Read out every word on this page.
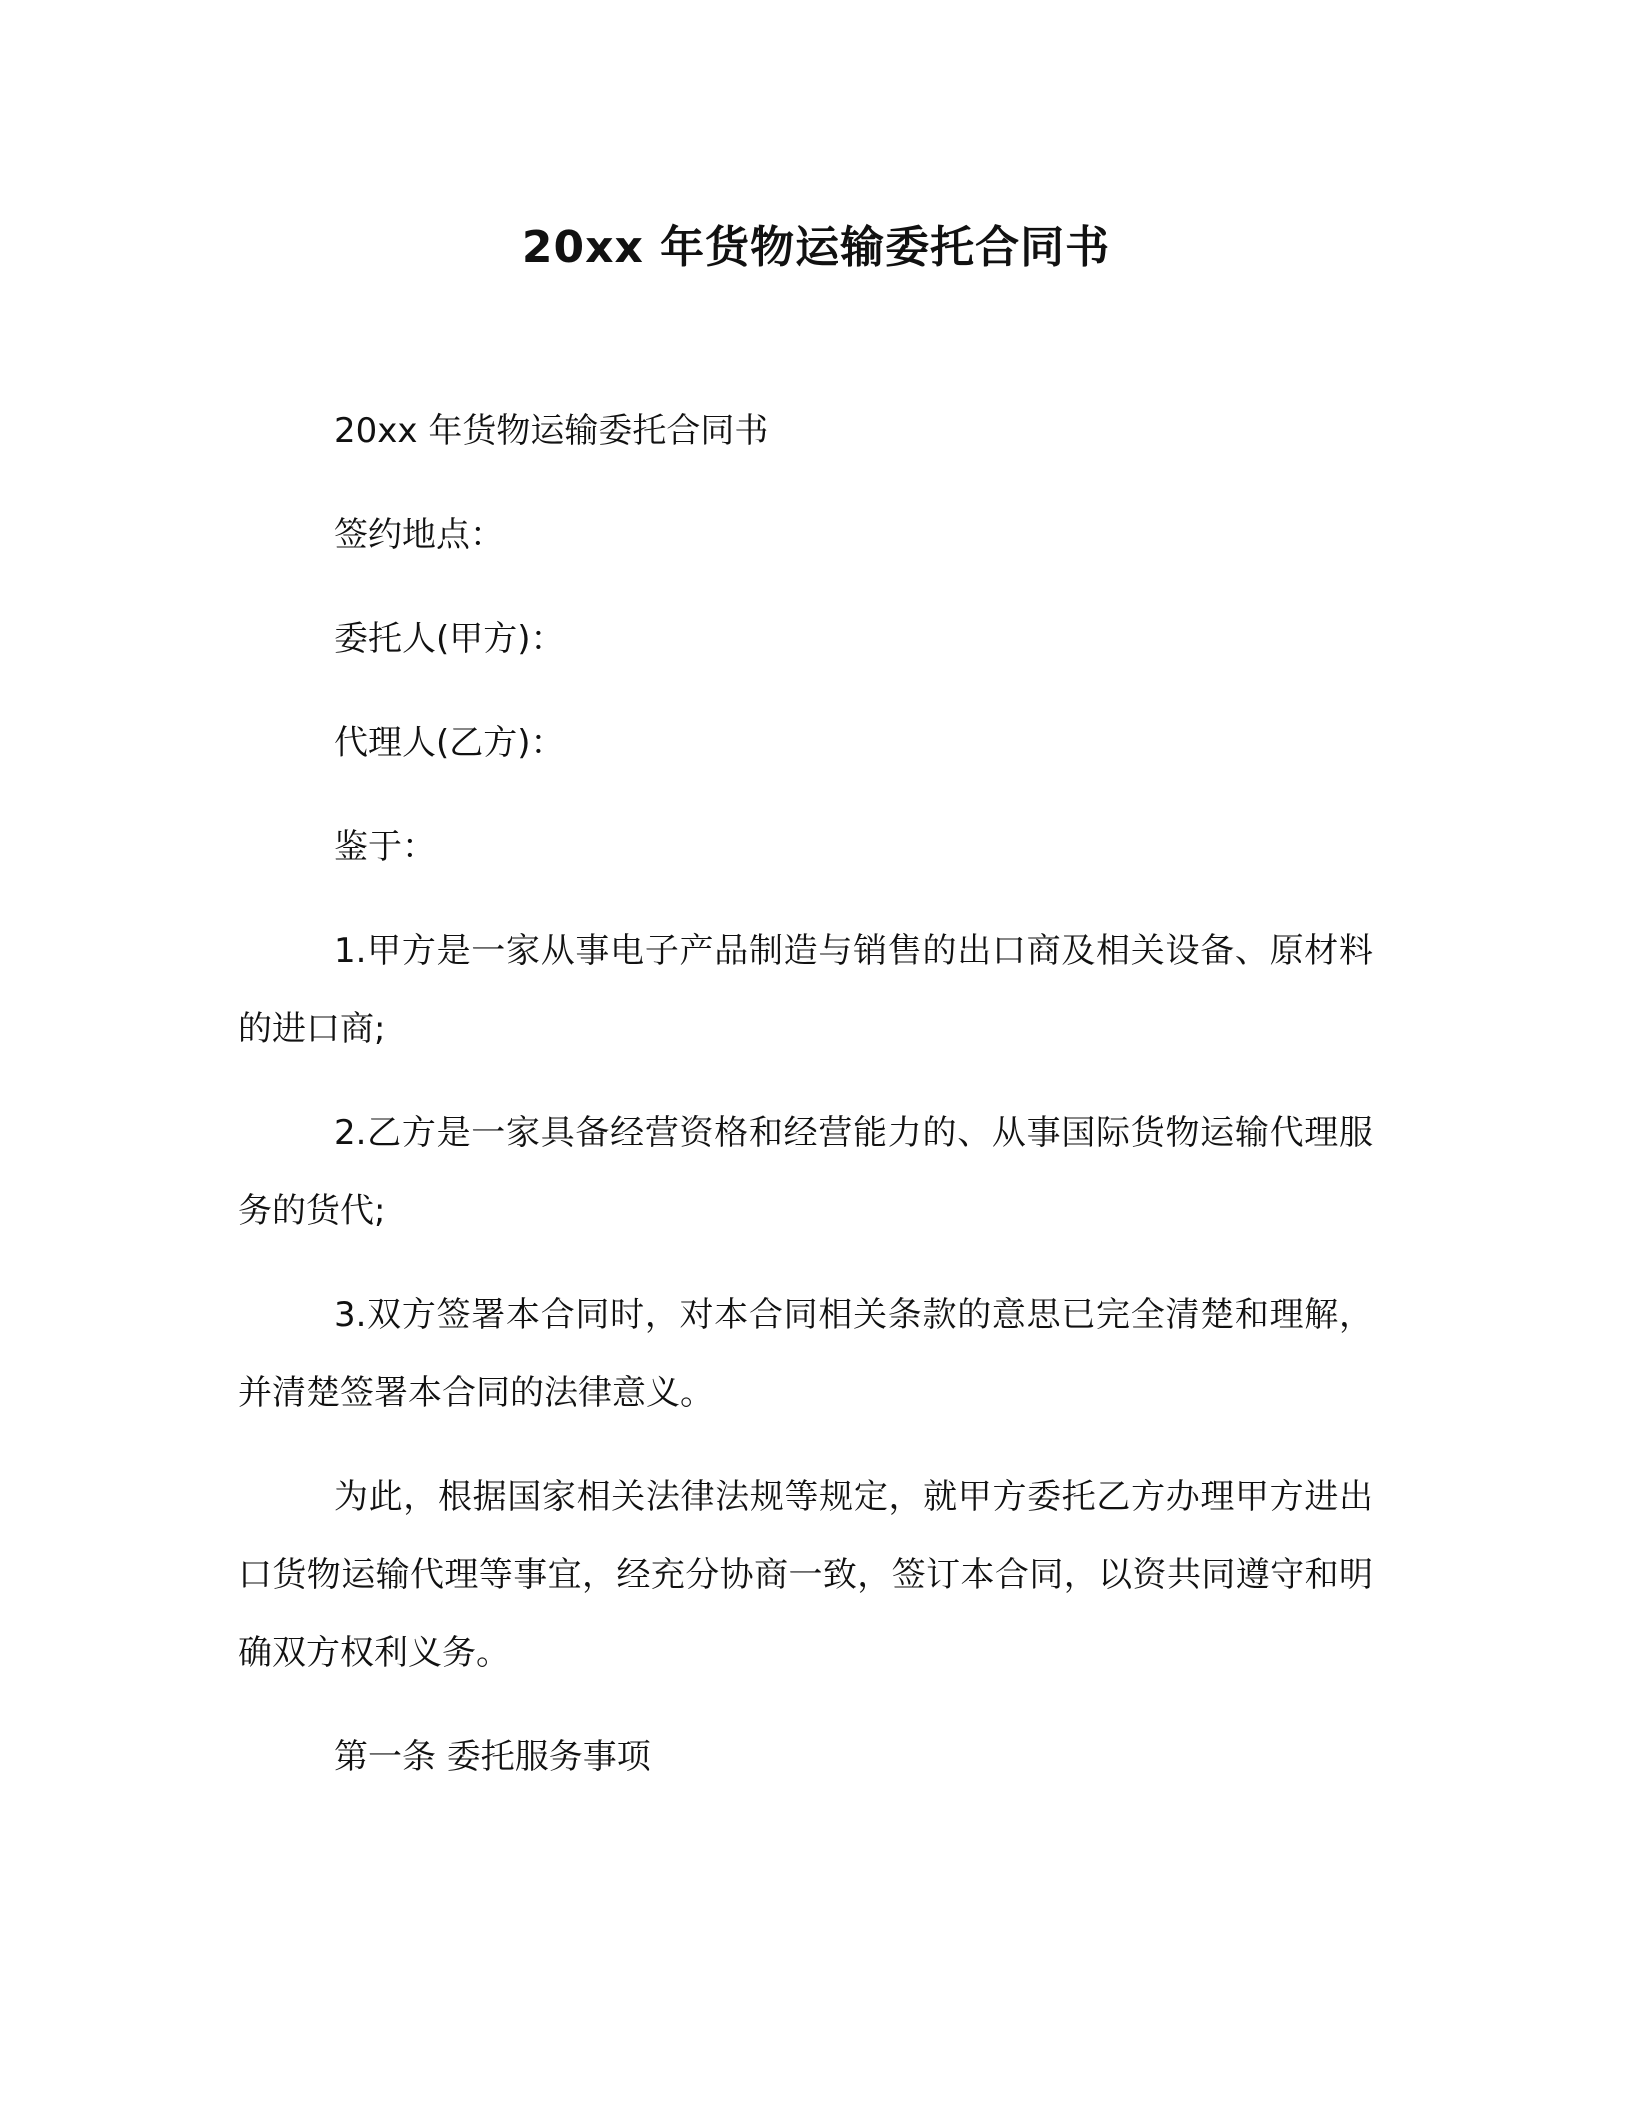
20xx 年货物运输委托合同书

20xx 年货物运输委托合同书

签约地点：

委托人(甲方)：

代理人(乙方)：

鉴于：

1.甲方是一家从事电子产品制造与销售的出口商及相关设备、原材料的进口商;

2.乙方是一家具备经营资格和经营能力的、从事国际货物运输代理服务的货代;

3.双方签署本合同时，对本合同相关条款的意思已完全清楚和理解，并清楚签署本合同的法律意义。

为此，根据国家相关法律法规等规定，就甲方委托乙方办理甲方进出口货物运输代理等事宜，经充分协商一致，签订本合同，以资共同遵守和明确双方权利义务。

第一条 委托服务事项
